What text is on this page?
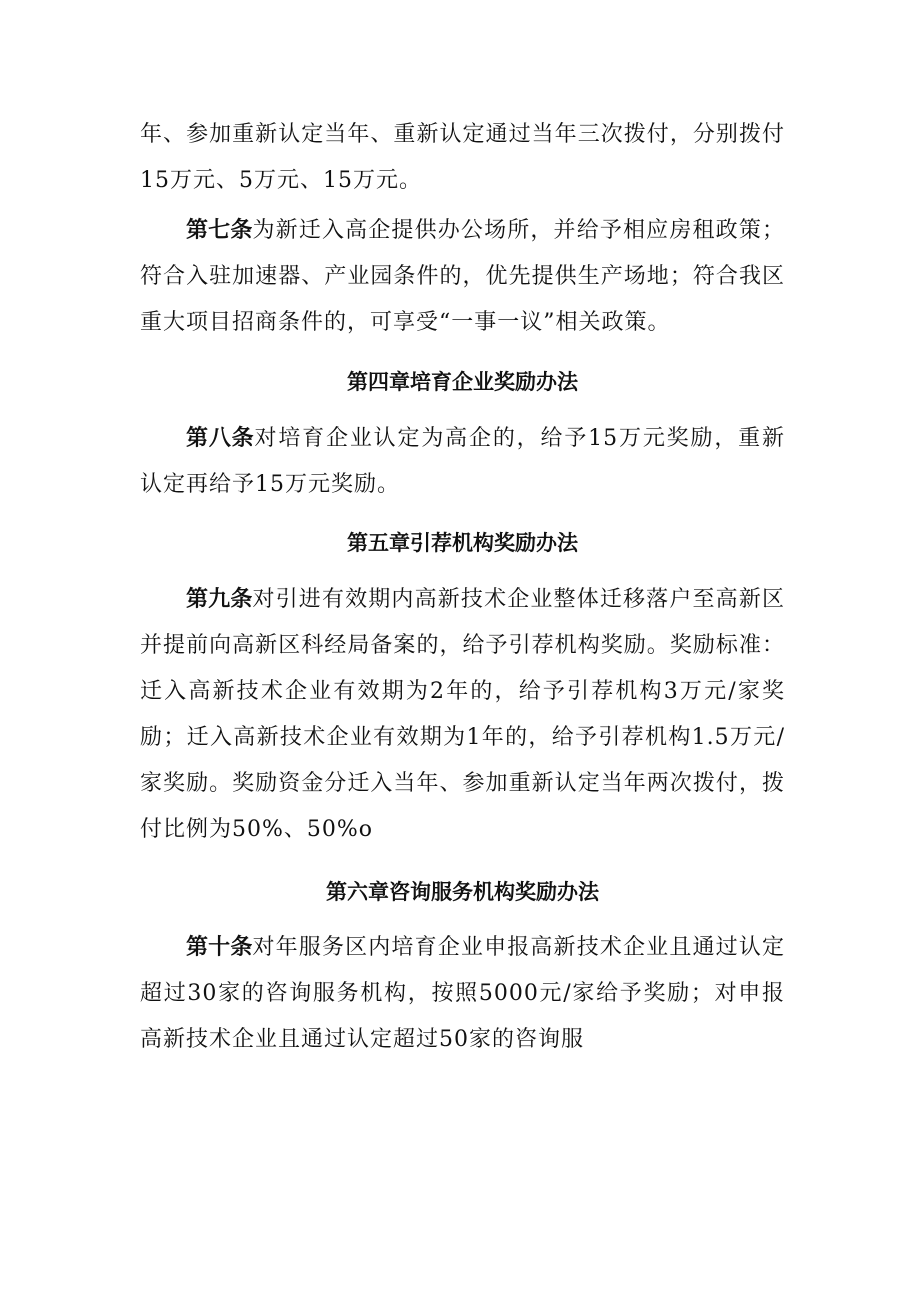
年、参加重新认定当年、重新认定通过当年三次拨付，分别拨付15万元、5万元、15万元。

第七条为新迁入高企提供办公场所，并给予相应房租政策；符合入驻加速器、产业园条件的，优先提供生产场地；符合我区重大项目招商条件的，可享受“一事一议”相关政策。

第四章培育企业奖励办法

第八条对培育企业认定为高企的，给予15万元奖励，重新认定再给予15万元奖励。

第五章引荐机构奖励办法

第九条对引进有效期内高新技术企业整体迁移落户至高新区并提前向高新区科经局备案的，给予引荐机构奖励。奖励标准：迁入高新技术企业有效期为2年的，给予引荐机构3万元/家奖励；迁入高新技术企业有效期为1年的，给予引荐机构1.5万元/家奖励。奖励资金分迁入当年、参加重新认定当年两次拨付，拨付比例为50%、50%o

第六章咨询服务机构奖励办法

第十条对年服务区内培育企业申报高新技术企业且通过认定超过30家的咨询服务机构，按照5000元/家给予奖励；对申报高新技术企业且通过认定超过50家的咨询服
